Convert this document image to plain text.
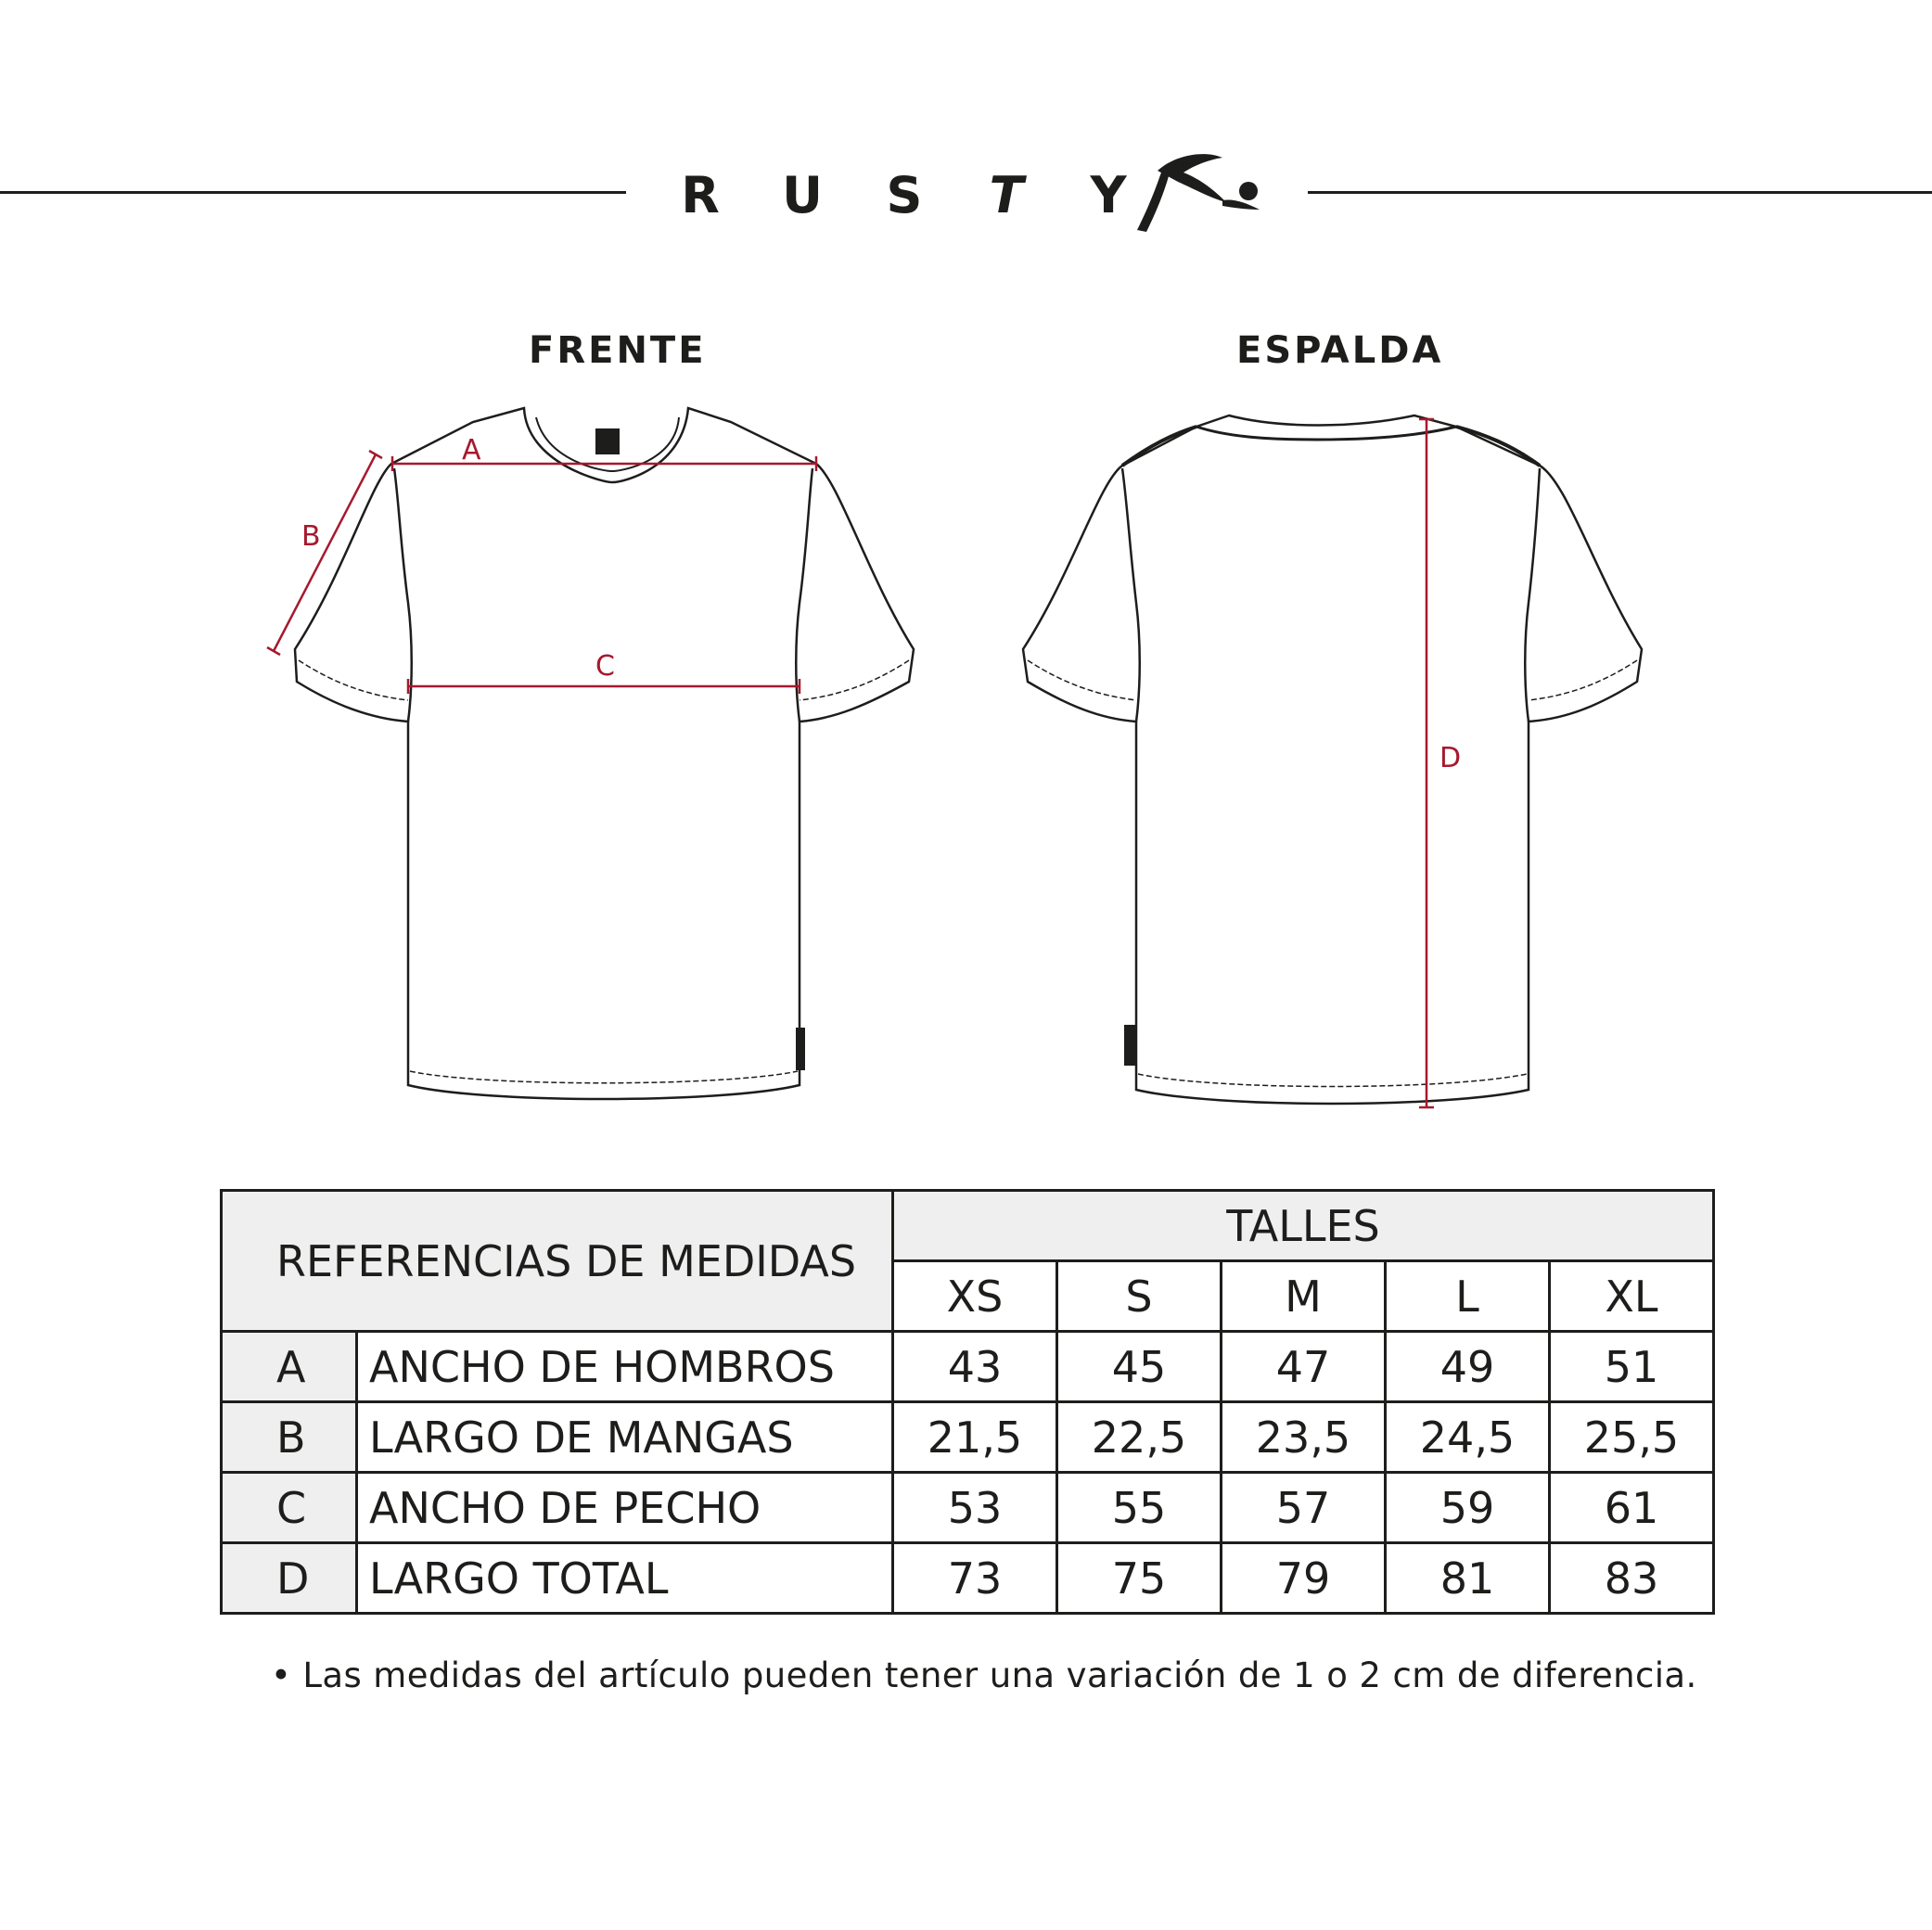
R	U	S	T	Y
FRENTE	ESPALDA
A
B
C
D
REFERENCIAS DE MEDIDAS		TALLES				
		XS	S	M	L	XL
A	ANCHO DE HOMBROS	43	45	47	49	51
B	LARGO DE MANGAS	21,5	22,5	23,5	24,5	25,5
C	ANCHO DE PECHO	53	55	57	59	61
D	LARGO TOTAL	73	75	79	81	83
• Las medidas del artículo pueden tener una variación de 1 o 2 cm de diferencia.
